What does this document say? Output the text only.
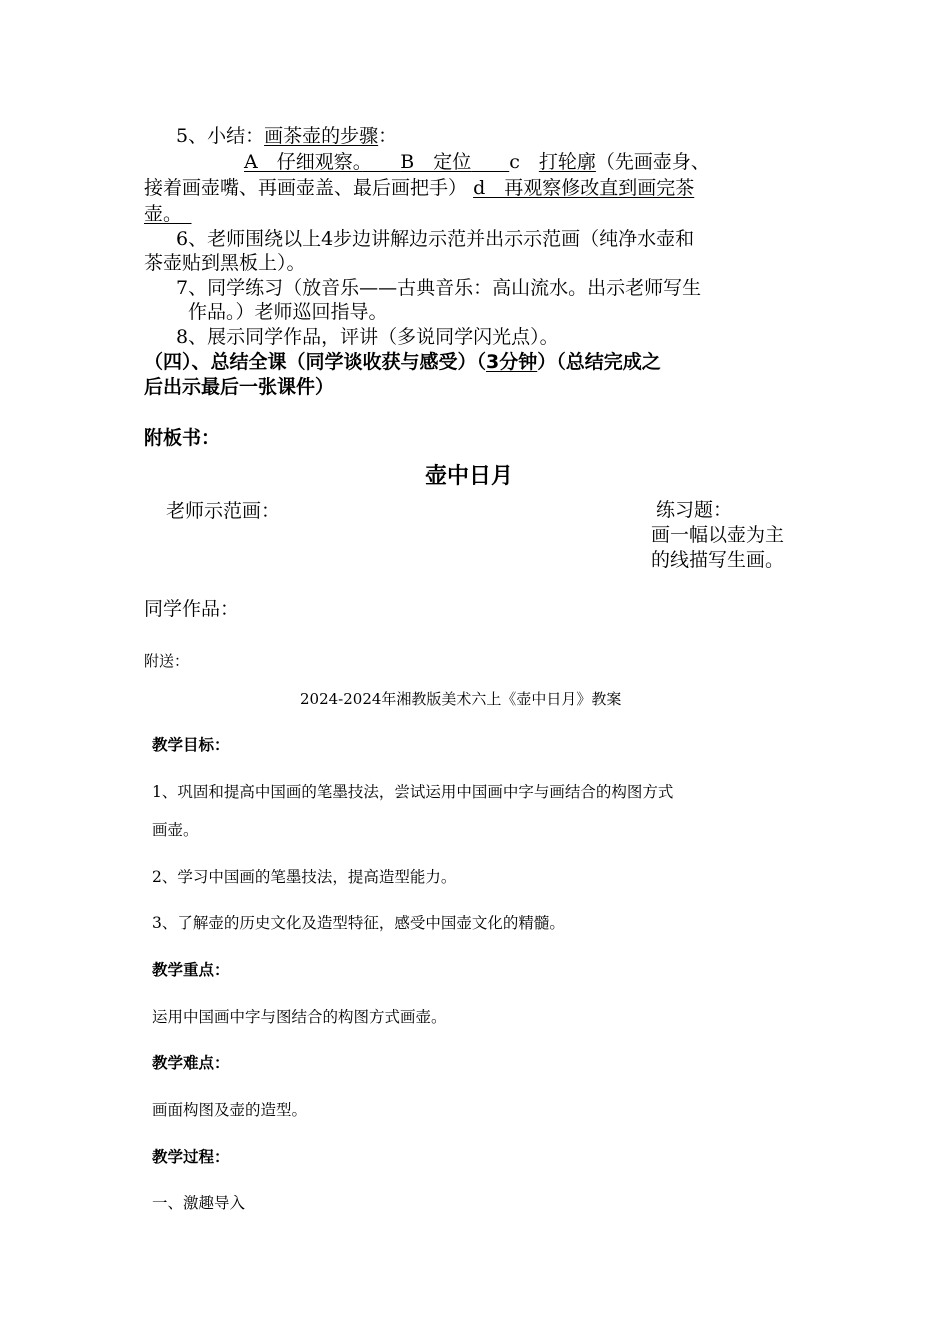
5、小结：画茶壶的步骤：
A　仔细观察。　　 B　定位　　 c　打轮廓（先画壶身、
接着画壶嘴、再画壶盖、最后画把手） d　再观察修改直到画完茶
壶。　
6、老师围绕以上4步边讲解边示范并出示示范画（纯净水壶和
茶壶贴到黑板上）。
7、同学练习（放音乐——古典音乐：高山流水。出示老师写生
作品。）老师巡回指导。
8、展示同学作品，评讲（多说同学闪光点）。
（四）、总结全课（同学谈收获与感受）（3分钟）（总结完成之
后出示最后一张课件）
附板书：
壶中日月
老师示范画：	练习题：
画一幅以壶为主
的线描写生画。
同学作品：
附送：
2024-2024年湘教版美术六上《壶中日月》教案
教学目标：
1、巩固和提高中国画的笔墨技法，尝试运用中国画中字与画结合的构图方式
画壶。
2、学习中国画的笔墨技法，提高造型能力。
3、了解壶的历史文化及造型特征，感受中国壶文化的精髓。
教学重点：
运用中国画中字与图结合的构图方式画壶。
教学难点：
画面构图及壶的造型。
教学过程：
一、激趣导入
